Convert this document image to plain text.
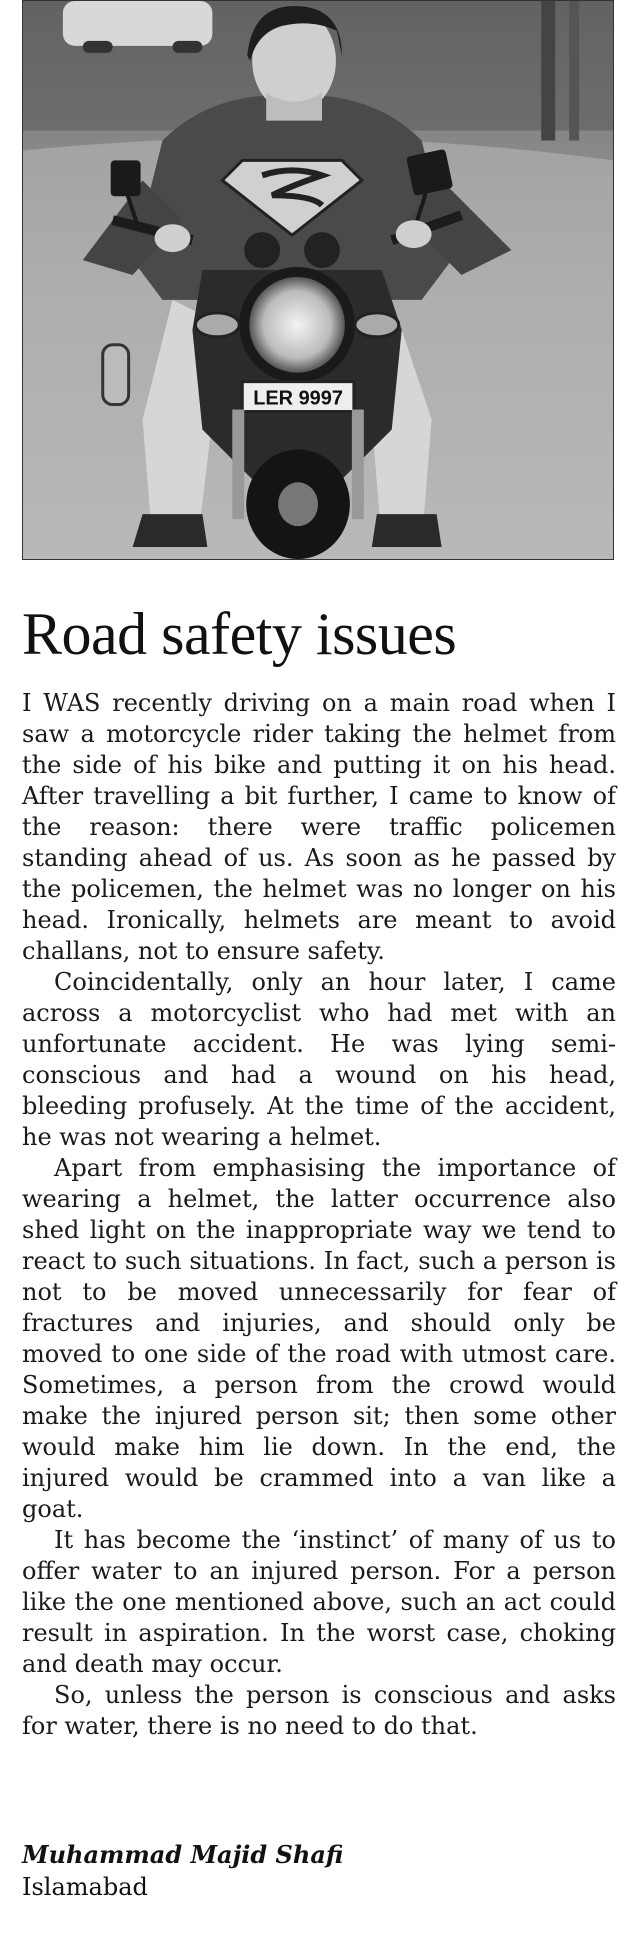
LER 9997
Road safety issues

I WAS recently driving on a main road when I saw a motorcycle rider taking the helmet from the side of his bike and putting it on his head. After travelling a bit further, I came to know of the reason: there were traffic policemen standing ahead of us. As soon as he passed by the policemen, the helmet was no longer on his head. Ironically, helmets are meant to avoid challans, not to ensure safety.

Coincidentally, only an hour later, I came across a motorcyclist who had met with an unfortunate accident. He was lying semi-conscious and had a wound on his head, bleeding profusely. At the time of the accident, he was not wearing a helmet.

Apart from emphasising the importance of wearing a helmet, the latter occurrence also shed light on the inappropriate way we tend to react to such situations. In fact, such a person is not to be moved unnecessarily for fear of fractures and injuries, and should only be moved to one side of the road with utmost care. Sometimes, a person from the crowd would make the injured person sit; then some other would make him lie down. In the end, the injured would be crammed into a van like a goat.

It has become the ‘instinct’ of many of us to offer water to an injured person. For a person like the one mentioned above, such an act could result in aspiration. In the worst case, choking and death may occur.

So, unless the person is conscious and asks for water, there is no need to do that.

Muhammad Majid Shafi
Islamabad
